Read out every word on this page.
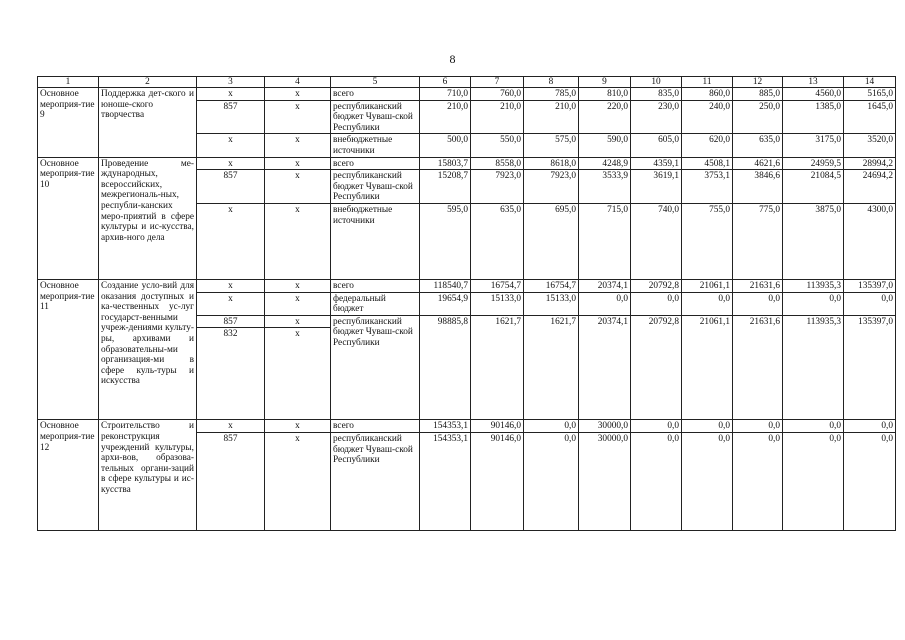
8
1	2	3	4	5	6	7	8	9	10	11	12	13	14
Основное мероприя-тие 9	Поддержка дет-ского и юноше-ского творчества	x	x	всего	710,0	760,0	785,0	810,0	835,0	860,0	885,0	4560,0	5165,0
		857	x	республиканский бюджет Чуваш-ской Республики	210,0	210,0	210,0	220,0	230,0	240,0	250,0	1385,0	1645,0
		x	x	внебюджетные источники	500,0	550,0	575,0	590,0	605,0	620,0	635,0	3175,0	3520,0
Основное мероприя-тие 10	Проведение ме-ждународных, всероссийских, межрегиональ-ных, республи-канских меро-приятий в сфере культуры и ис-кусства, архив-ного дела	x	x	всего	15803,7	8558,0	8618,0	4248,9	4359,1	4508,1	4621,6	24959,5	28994,2
		857	x	республиканский бюджет Чуваш-ской Республики	15208,7	7923,0	7923,0	3533,9	3619,1	3753,1	3846,6	21084,5	24694,2
		x	x	внебюджетные источники	595,0	635,0	695,0	715,0	740,0	755,0	775,0	3875,0	4300,0
Основное мероприя-тие 11	Создание усло-вий для оказания доступных и ка-чественных ус-луг государст-венными учреж-дениями культу-ры, архивами и образовательны-ми организация-ми в сфере куль-туры и искусства	x	x	всего	118540,7	16754,7	16754,7	20374,1	20792,8	21061,1	21631,6	113935,3	135397,0
		x	x	федеральный бюджет	19654,9	15133,0	15133,0	0,0	0,0	0,0	0,0	0,0	0,0
		857	x	республиканский бюджет Чуваш-ской Республики	98885,8	1621,7	1621,7	20374,1	20792,8	21061,1	21631,6	113935,3	135397,0
		832	x										
Основное мероприя-тие 12	Строительство и реконструкция учреждений культуры, архи-вов, образова-тельных органи-заций в сфере культуры и ис-кусства	x	x	всего	154353,1	90146,0	0,0	30000,0	0,0	0,0	0,0	0,0	0,0
		857	x	республиканский бюджет Чуваш-ской Республики	154353,1	90146,0	0,0	30000,0	0,0	0,0	0,0	0,0	0,0
